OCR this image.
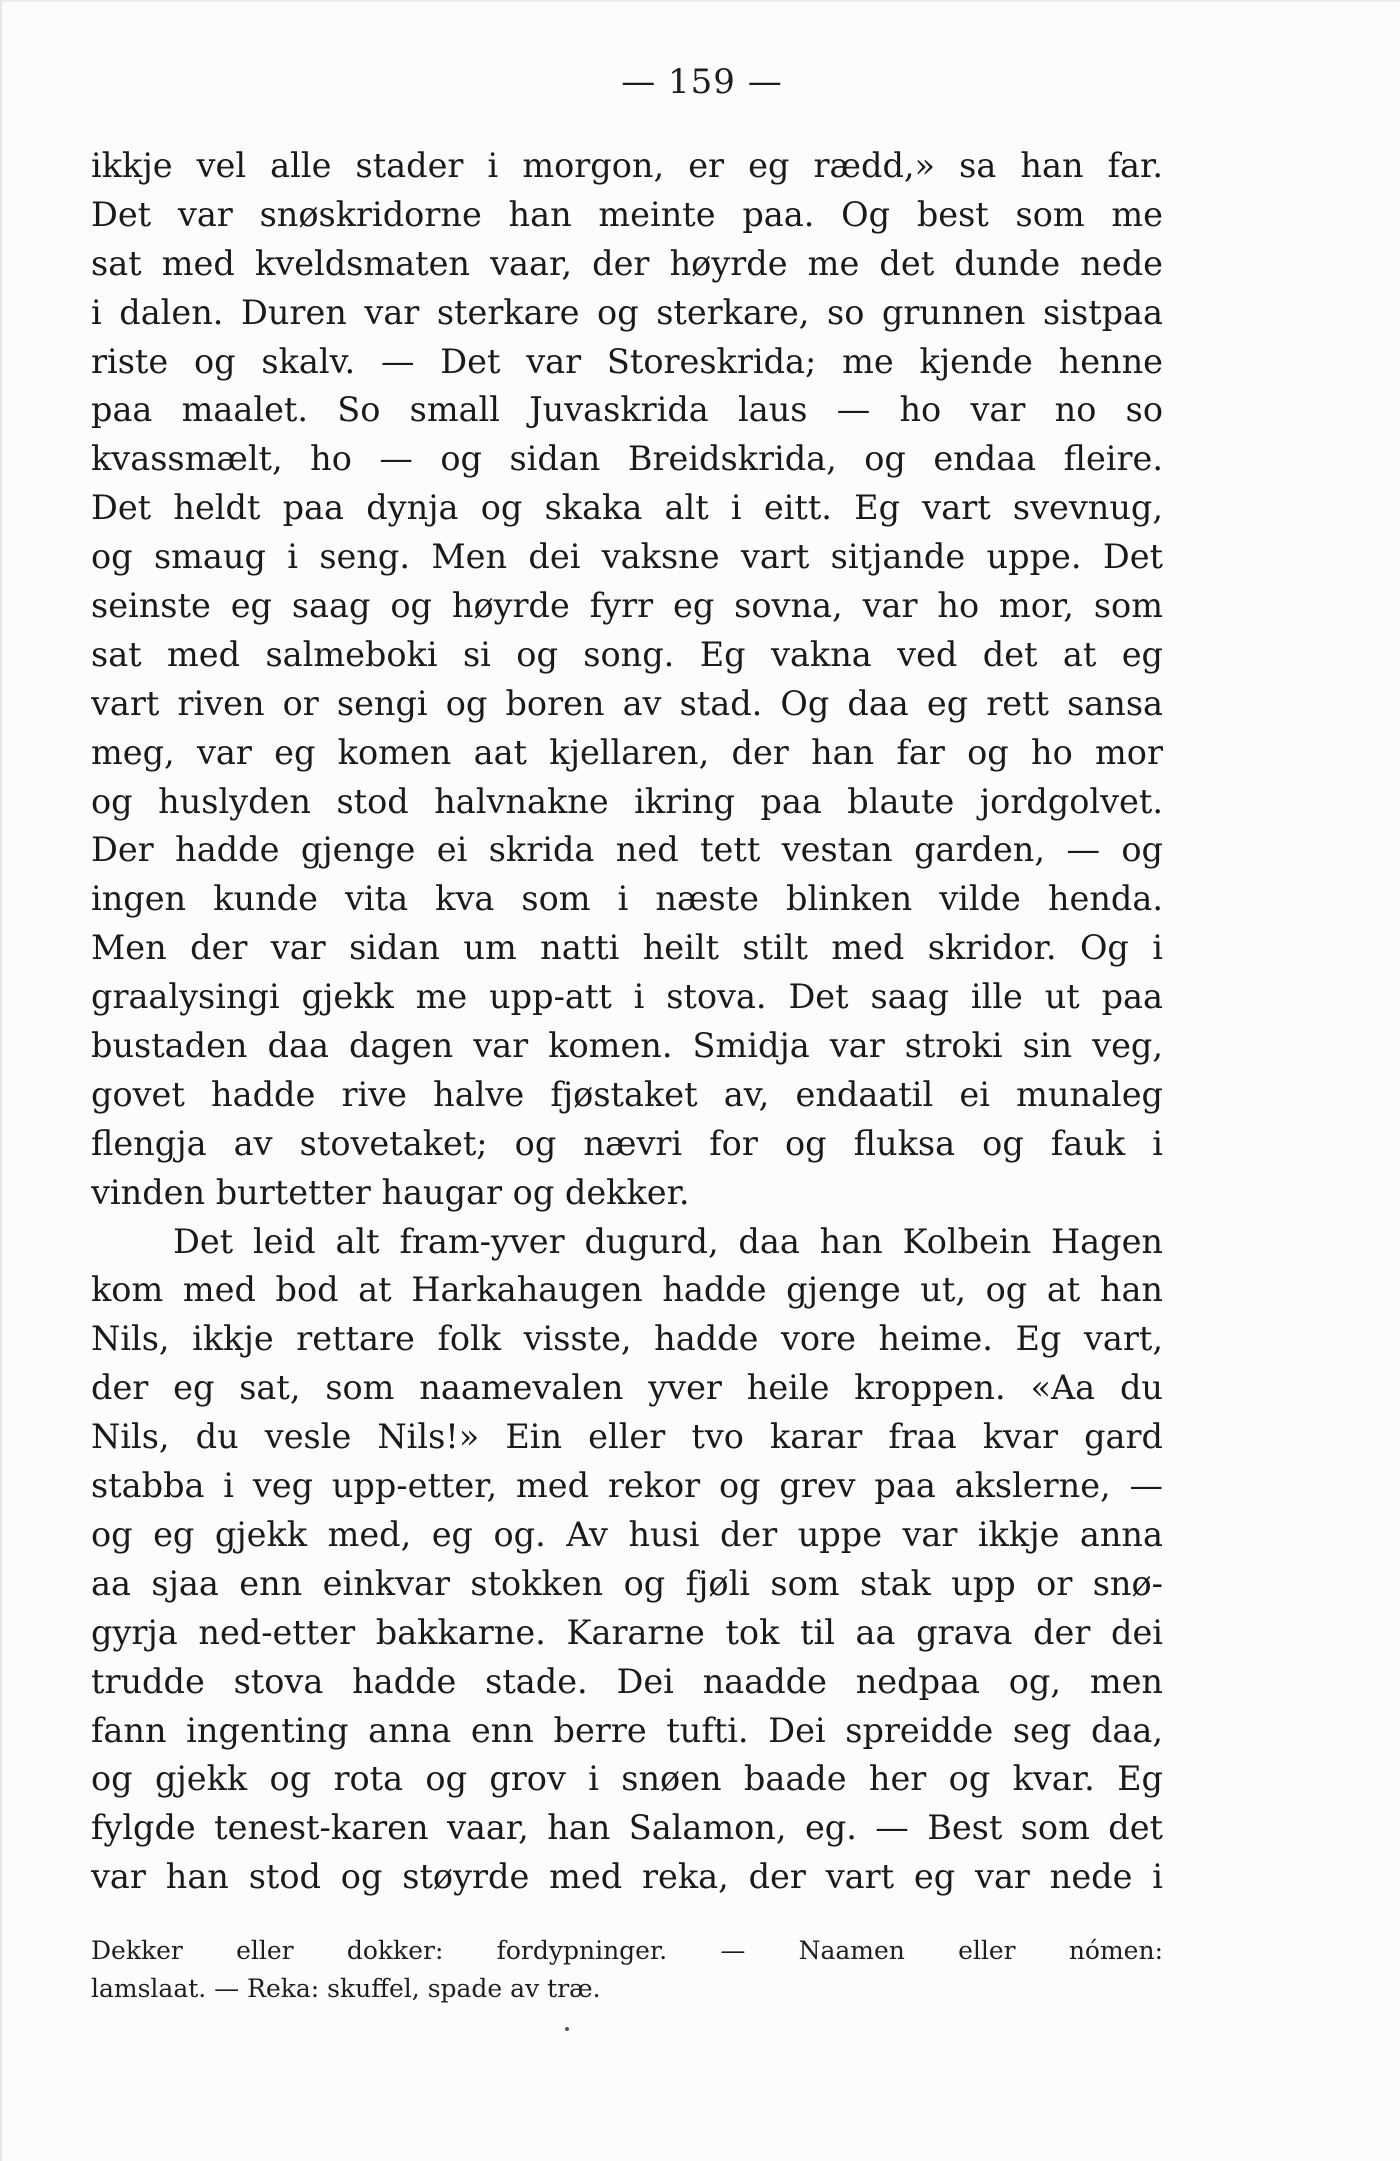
— 159 —
ikkje vel alle stader i morgon, er eg rædd,» sa han far.
Det var snøskridorne han meinte paa. Og best som me
sat med kveldsmaten vaar, der høyrde me det dunde nede
i dalen. Duren var sterkare og sterkare, so grunnen sistpaa
riste og skalv. — Det var Storeskrida; me kjende henne
paa maalet. So small Juvaskrida laus — ho var no so
kvassmælt, ho — og sidan Breidskrida, og endaa fleire.
Det heldt paa dynja og skaka alt i eitt. Eg vart svevnug,
og smaug i seng. Men dei vaksne vart sitjande uppe. Det
seinste eg saag og høyrde fyrr eg sovna, var ho mor, som
sat med salmeboki si og song. Eg vakna ved det at eg
vart riven or sengi og boren av stad. Og daa eg rett sansa
meg, var eg komen aat kjellaren, der han far og ho mor
og huslyden stod halvnakne ikring paa blaute jordgolvet.
Der hadde gjenge ei skrida ned tett vestan garden, — og
ingen kunde vita kva som i næste blinken vilde henda.
Men der var sidan um natti heilt stilt med skridor. Og i
graalysingi gjekk me upp-att i stova. Det saag ille ut paa
bustaden daa dagen var komen. Smidja var stroki sin veg,
govet hadde rive halve fjøstaket av, endaatil ei munaleg
flengja av stovetaket; og nævri for og fluksa og fauk i
vinden burtetter haugar og dekker.
Det leid alt fram-yver dugurd, daa han Kolbein Hagen
kom med bod at Harkahaugen hadde gjenge ut, og at han
Nils, ikkje rettare folk visste, hadde vore heime. Eg vart,
der eg sat, som naamevalen yver heile kroppen. «Aa du
Nils, du vesle Nils!» Ein eller tvo karar fraa kvar gard
stabba i veg upp-etter, med rekor og grev paa akslerne, —
og eg gjekk med, eg og. Av husi der uppe var ikkje anna
aa sjaa enn einkvar stokken og fjøli som stak upp or snø-
gyrja ned-etter bakkarne. Kararne tok til aa grava der dei
trudde stova hadde stade. Dei naadde nedpaa og, men
fann ingenting anna enn berre tufti. Dei spreidde seg daa,
og gjekk og rota og grov i snøen baade her og kvar. Eg
fylgde tenest-karen vaar, han Salamon, eg. — Best som det
var han stod og støyrde med reka, der vart eg var nede i
Dekker eller dokker: fordypninger. — Naamen eller nómen:
lamslaat. — Reka: skuffel, spade av træ.
